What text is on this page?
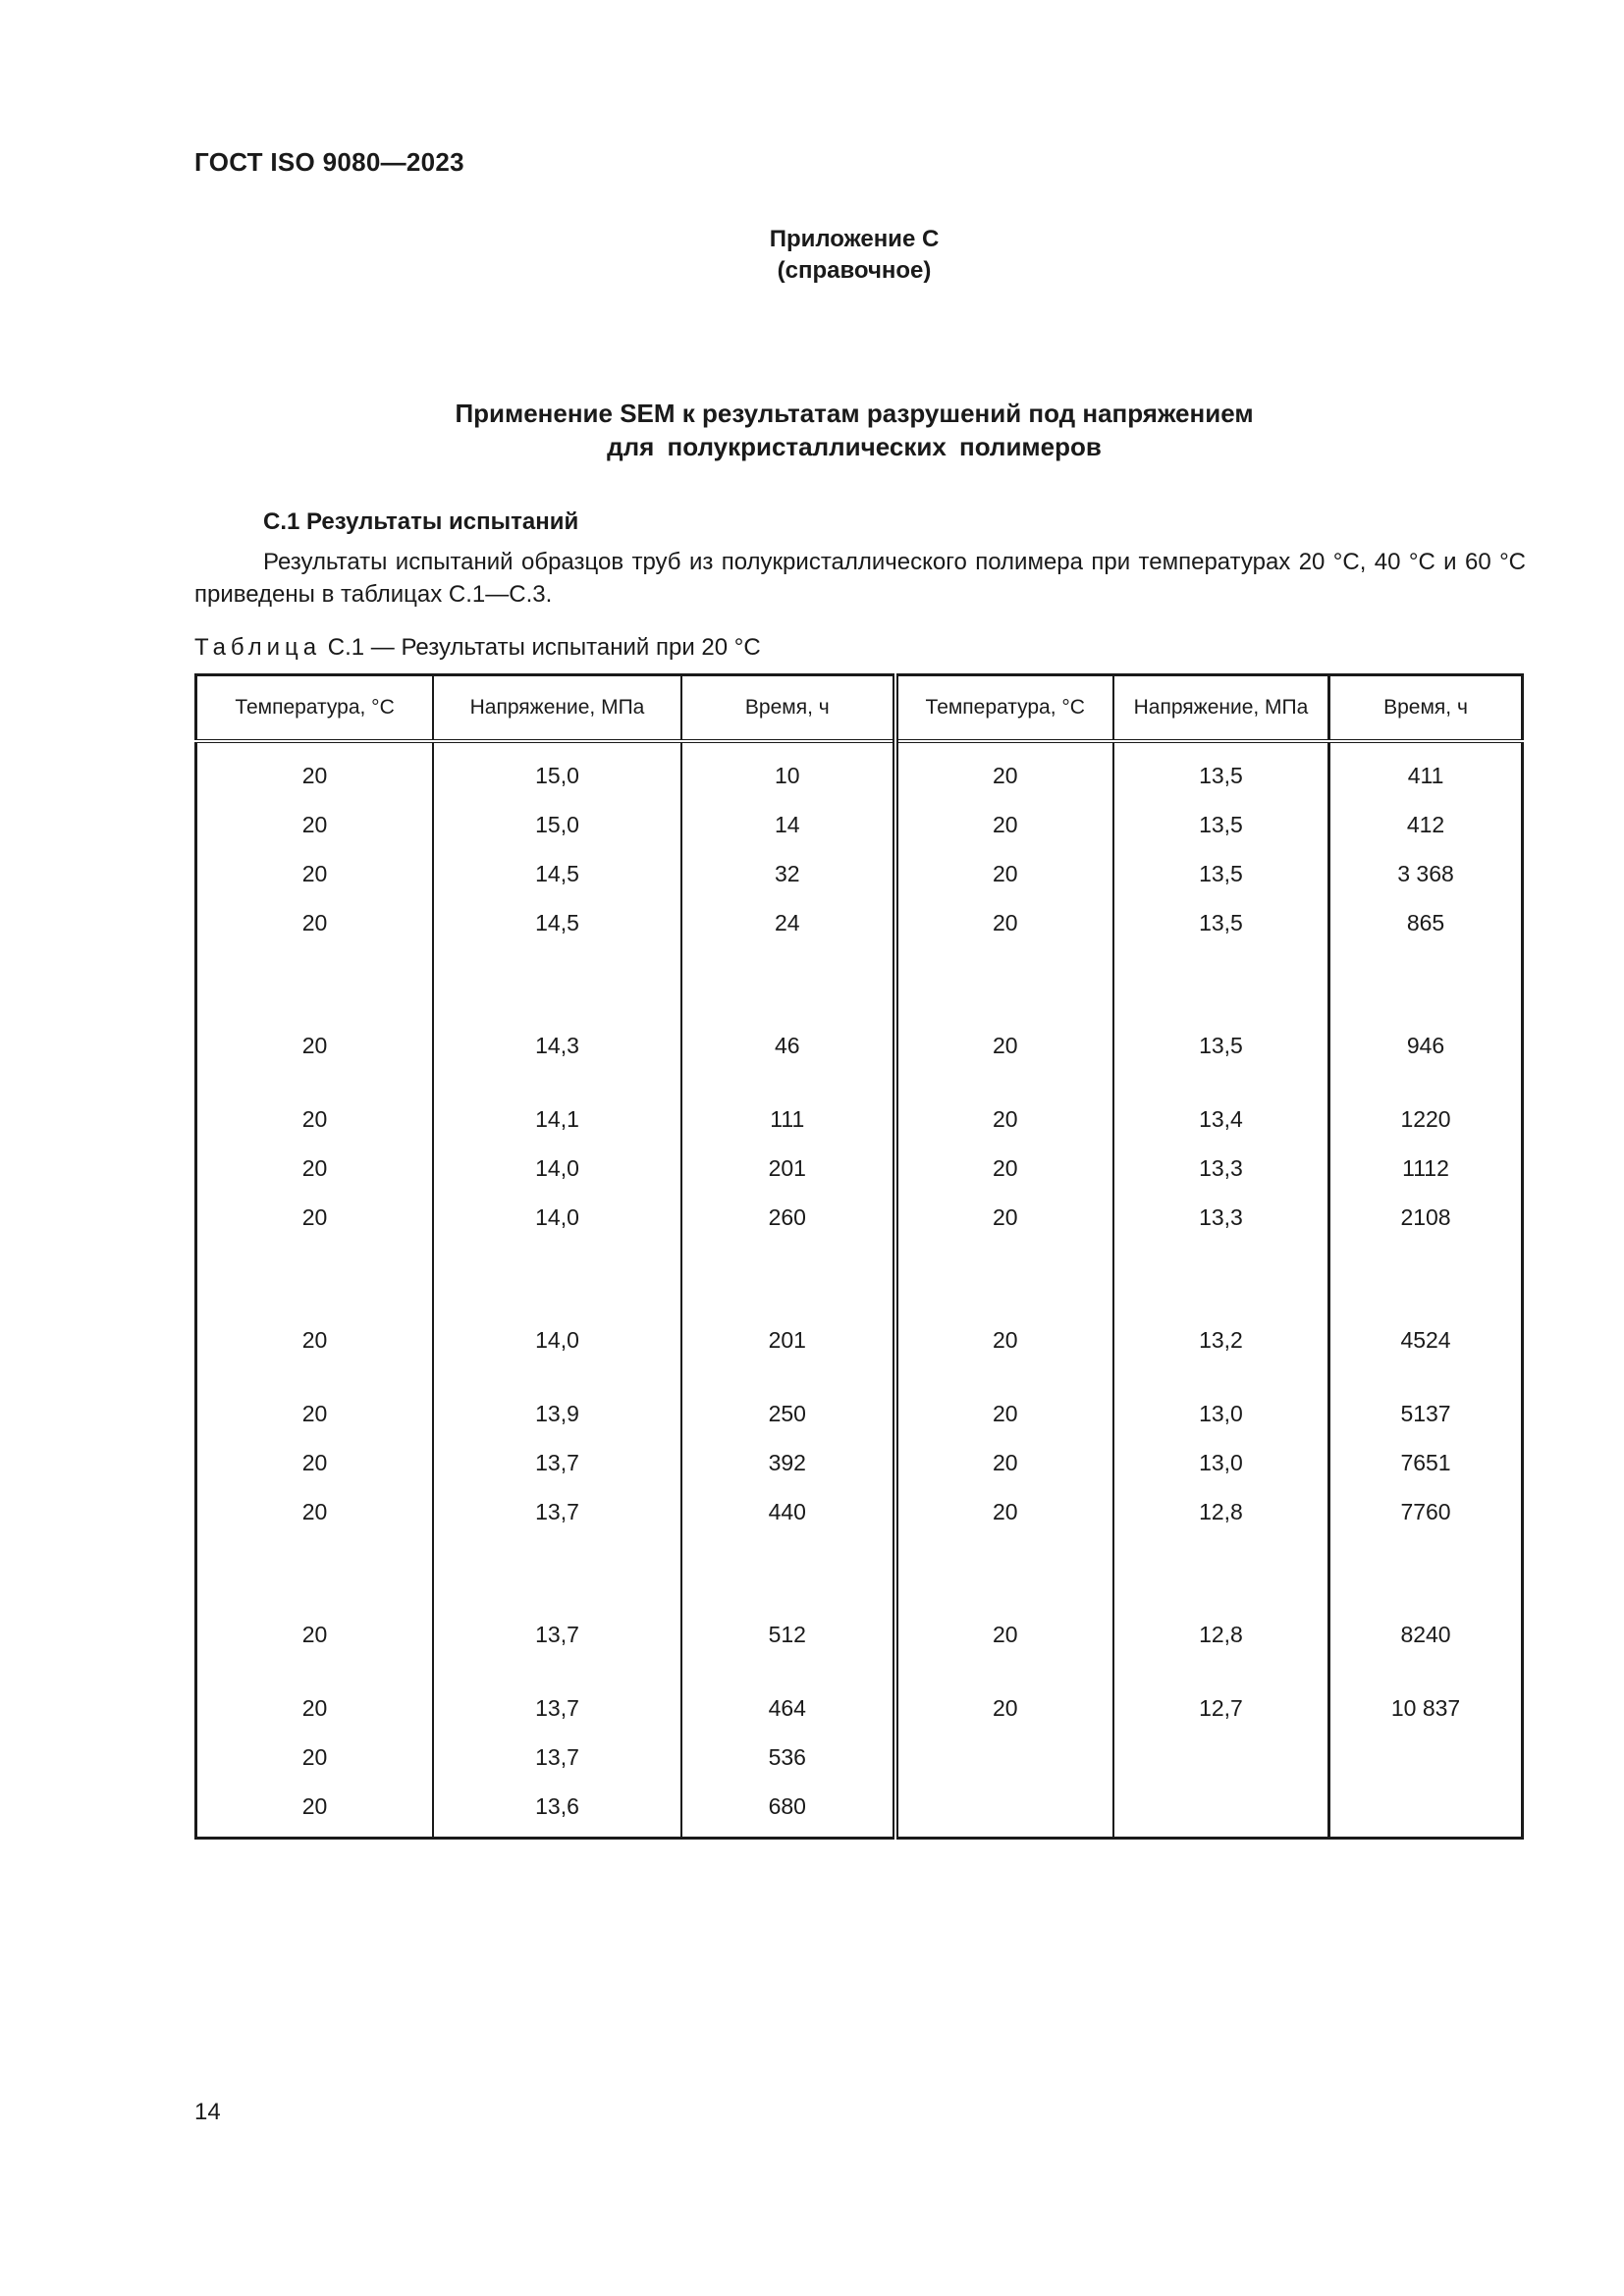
ГОСТ ISO 9080—2023
Приложение С
(справочное)
Применение SEM к результатам разрушений под напряжением
для полукристаллических полимеров
С.1 Результаты испытаний
Результаты испытаний образцов труб из полукристаллического полимера при температурах 20 °С, 40 °С и 60 °С приведены в таблицах С.1—С.3.
Таблица С.1 — Результаты испытаний при 20 °С
Температура, °С	Напряжение, МПа	Время, ч	Температура, °С	Напряжение, МПа	Время, ч
20	15,0	10	20	13,5	411
20	15,0	14	20	13,5	412
20	14,5	32	20	13,5	3 368
20	14,5	24	20	13,5	865
20	14,3	46	20	13,5	946
20	14,1	111	20	13,4	1220
20	14,0	201	20	13,3	1112
20	14,0	260	20	13,3	2108
20	14,0	201	20	13,2	4524
20	13,9	250	20	13,0	5137
20	13,7	392	20	13,0	7651
20	13,7	440	20	12,8	7760
20	13,7	512	20	12,8	8240
20	13,7	464	20	12,7	10 837
20	13,7	536			
20	13,6	680			
14
